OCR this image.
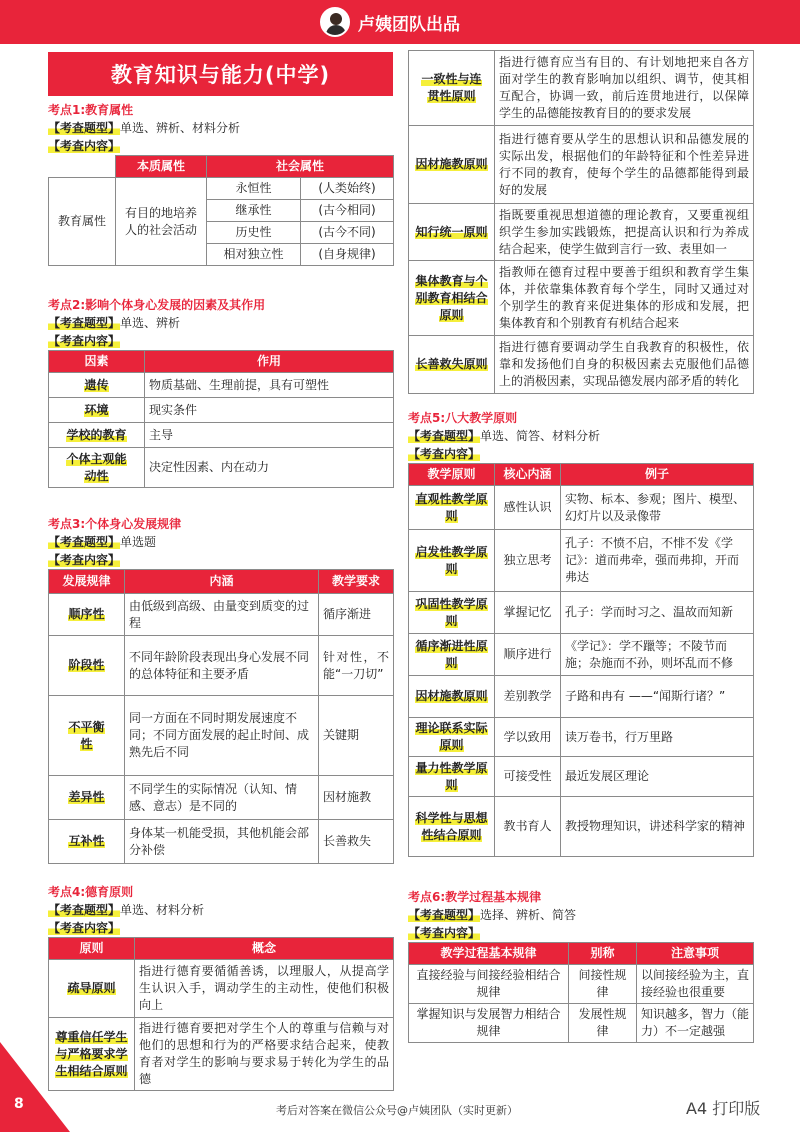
卢姨团队出品
教育知识与能力(中学)
考点1:教育属性
【考查题型】单选、辨析、材料分析
【考查内容】
	本质属性	社会属性	
教育属性	有目的地培养人的社会活动	永恒性	(人类始终)
		继承性	(古今相同)
		历史性	(古今不同)
		相对独立性	(自身规律)
考点2:影响个体身心发展的因素及其作用
【考查题型】单选、辨析
【考查内容】
因素	作用
遗传	物质基础、生理前提，具有可塑性
环境	现实条件
学校的教育	主导
个体主观能动性	决定性因素、内在动力
考点3:个体身心发展规律
【考查题型】单选题
【考查内容】
发展规律	内涵	教学要求
顺序性	由低级到高级、由量变到质变的过程	循序渐进
阶段性	不同年龄阶段表现出身心发展不同的总体特征和主要矛盾	针对性，不能“一刀切”
不平衡性	同一方面在不同时期发展速度不同；不同方面发展的起止时间、成熟先后不同	关键期
差异性	不同学生的实际情况（认知、情感、意志）是不同的	因材施教
互补性	身体某一机能受损，其他机能会部分补偿	长善救失
考点4:德育原则
【考查题型】单选、材料分析
【考查内容】
原则	概念
疏导原则	指进行德育要循循善诱，以理服人，从提高学生认识入手，调动学生的主动性，使他们积极向上
尊重信任学生与严格要求学生相结合原则	指进行德育要把对学生个人的尊重与信赖与对他们的思想和行为的严格要求结合起来，使教育者对学生的影响与要求易于转化为学生的品德
一致性与连贯性原则	指进行德育应当有目的、有计划地把来自各方面对学生的教育影响加以组织、调节，使其相互配合，协调一致，前后连贯地进行，以保障学生的品德能按教育目的的要求发展
因材施教原则	指进行德育要从学生的思想认识和品德发展的实际出发，根据他们的年龄特征和个性差异进行不同的教育，使每个学生的品德都能得到最好的发展
知行统一原则	指既要重视思想道德的理论教育，又要重视组织学生参加实践锻炼，把提高认识和行为养成结合起来，使学生做到言行一致、表里如一
集体教育与个别教育相结合原则	指教师在德育过程中要善于组织和教育学生集体，并依靠集体教育每个学生，同时又通过对个别学生的教育来促进集体的形成和发展，把集体教育和个别教育有机结合起来
长善救失原则	指进行德育要调动学生自我教育的积极性，依靠和发扬他们自身的积极因素去克服他们品德上的消极因素，实现品德发展内部矛盾的转化
考点5:八大教学原则
【考查题型】单选、简答、材料分析
【考查内容】
教学原则	核心内涵	例子
直观性教学原则	感性认识	实物、标本、参观；图片、模型、幻灯片以及录像带
启发性教学原则	独立思考	孔子：不愤不启，不悱不发《学记》：道而弗牵，强而弗抑，开而弗达
巩固性教学原则	掌握记忆	孔子：学而时习之、温故而知新
循序渐进性原则	顺序进行	《学记》：学不躐等；不陵节而施；杂施而不孙，则坏乱而不修
因材施教原则	差别教学	子路和冉有 ——“闻斯行诸？”
理论联系实际原则	学以致用	读万卷书，行万里路
量力性教学原则	可接受性	最近发展区理论
科学性与思想性结合原则	教书育人	教授物理知识，讲述科学家的精神
考点6:教学过程基本规律
【考查题型】选择、辨析、简答
【考查内容】
教学过程基本规律	别称	注意事项
直接经验与间接经验相结合规律	间接性规律	以间接经验为主，直接经验也很重要
掌握知识与发展智力相结合规律	发展性规律	知识越多，智力（能力）不一定越强
8	考后对答案在微信公众号@卢姨团队（实时更新）	A4 打印版
